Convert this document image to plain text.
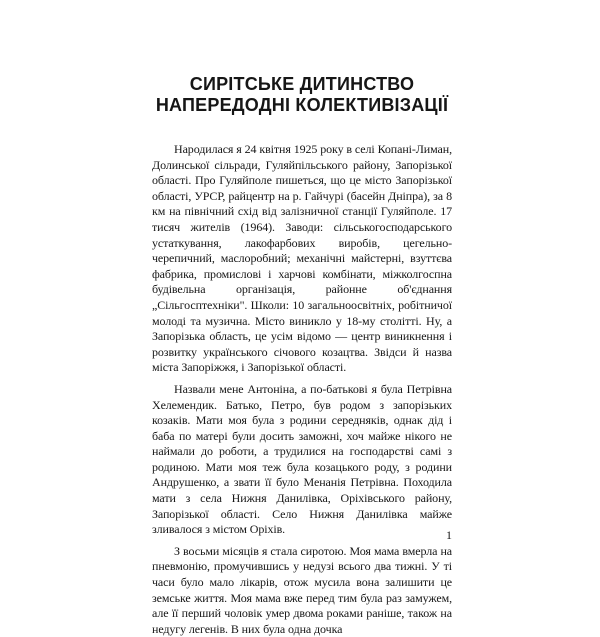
СИРІТСЬКЕ ДИТИНСТВО
НАПЕРЕДОДНІ КОЛЕКТИВІЗАЦІЇ

Народилася я 24 квітня 1925 року в селі Копані-Лиман, Долинської сільради, Гуляйпільського району, Запорізької області. Про Гуляйполе пишеться, що це місто Запорізької області, УРСР, райцентр на р. Гайчурі (басейн Дніпра), за 8 км на північний схід від залізничної станції Гуляйполе. 17 тисяч жителів (1964). Заводи: сільськогосподарського устаткування, лакофарбових виробів, цегельно-черепичний, маслоробний; механічні майстерні, взуттєва фабрика, промислові і харчові комбінати, міжколгоспна будівельна організація, районне об'єднання „Сільгосптехніки". Школи: 10 загальноосвітніх, робітничої молоді та музична. Місто виникло у 18-му столітті. Ну, а Запорізька область, це усім відомо — центр виникнення і розвитку українського січового козацтва. Звідси й назва міста Запоріжжя, і Запорізької області.

Назвали мене Антоніна, а по-батькові я була Петрівна Хелемендик. Батько, Петро, був родом з запорізьких козаків. Мати моя була з родини середняків, однак дід і баба по матері були досить заможні, хоч майже нікого не наймали до роботи, а трудилися на господарстві самі з родиною. Мати моя теж була козацького роду, з родини Андрушенко, а звати її було Менанія Петрівна. Походила мати з села Нижня Данилівка, Оріхівського району, Запорізької області. Село Нижня Данилівка майже зливалося з містом Оріхів.

З восьми місяців я стала сиротою. Моя мама вмерла на пневмонію, промучившись у недузі всього два тижні. У ті часи було мало лікарів, отож мусила вона залишити це земське життя. Моя мама вже перед тим була раз замужем, але її перший чоловік умер двома роками раніше, також на недугу легенів. В них була одна дочка

1
